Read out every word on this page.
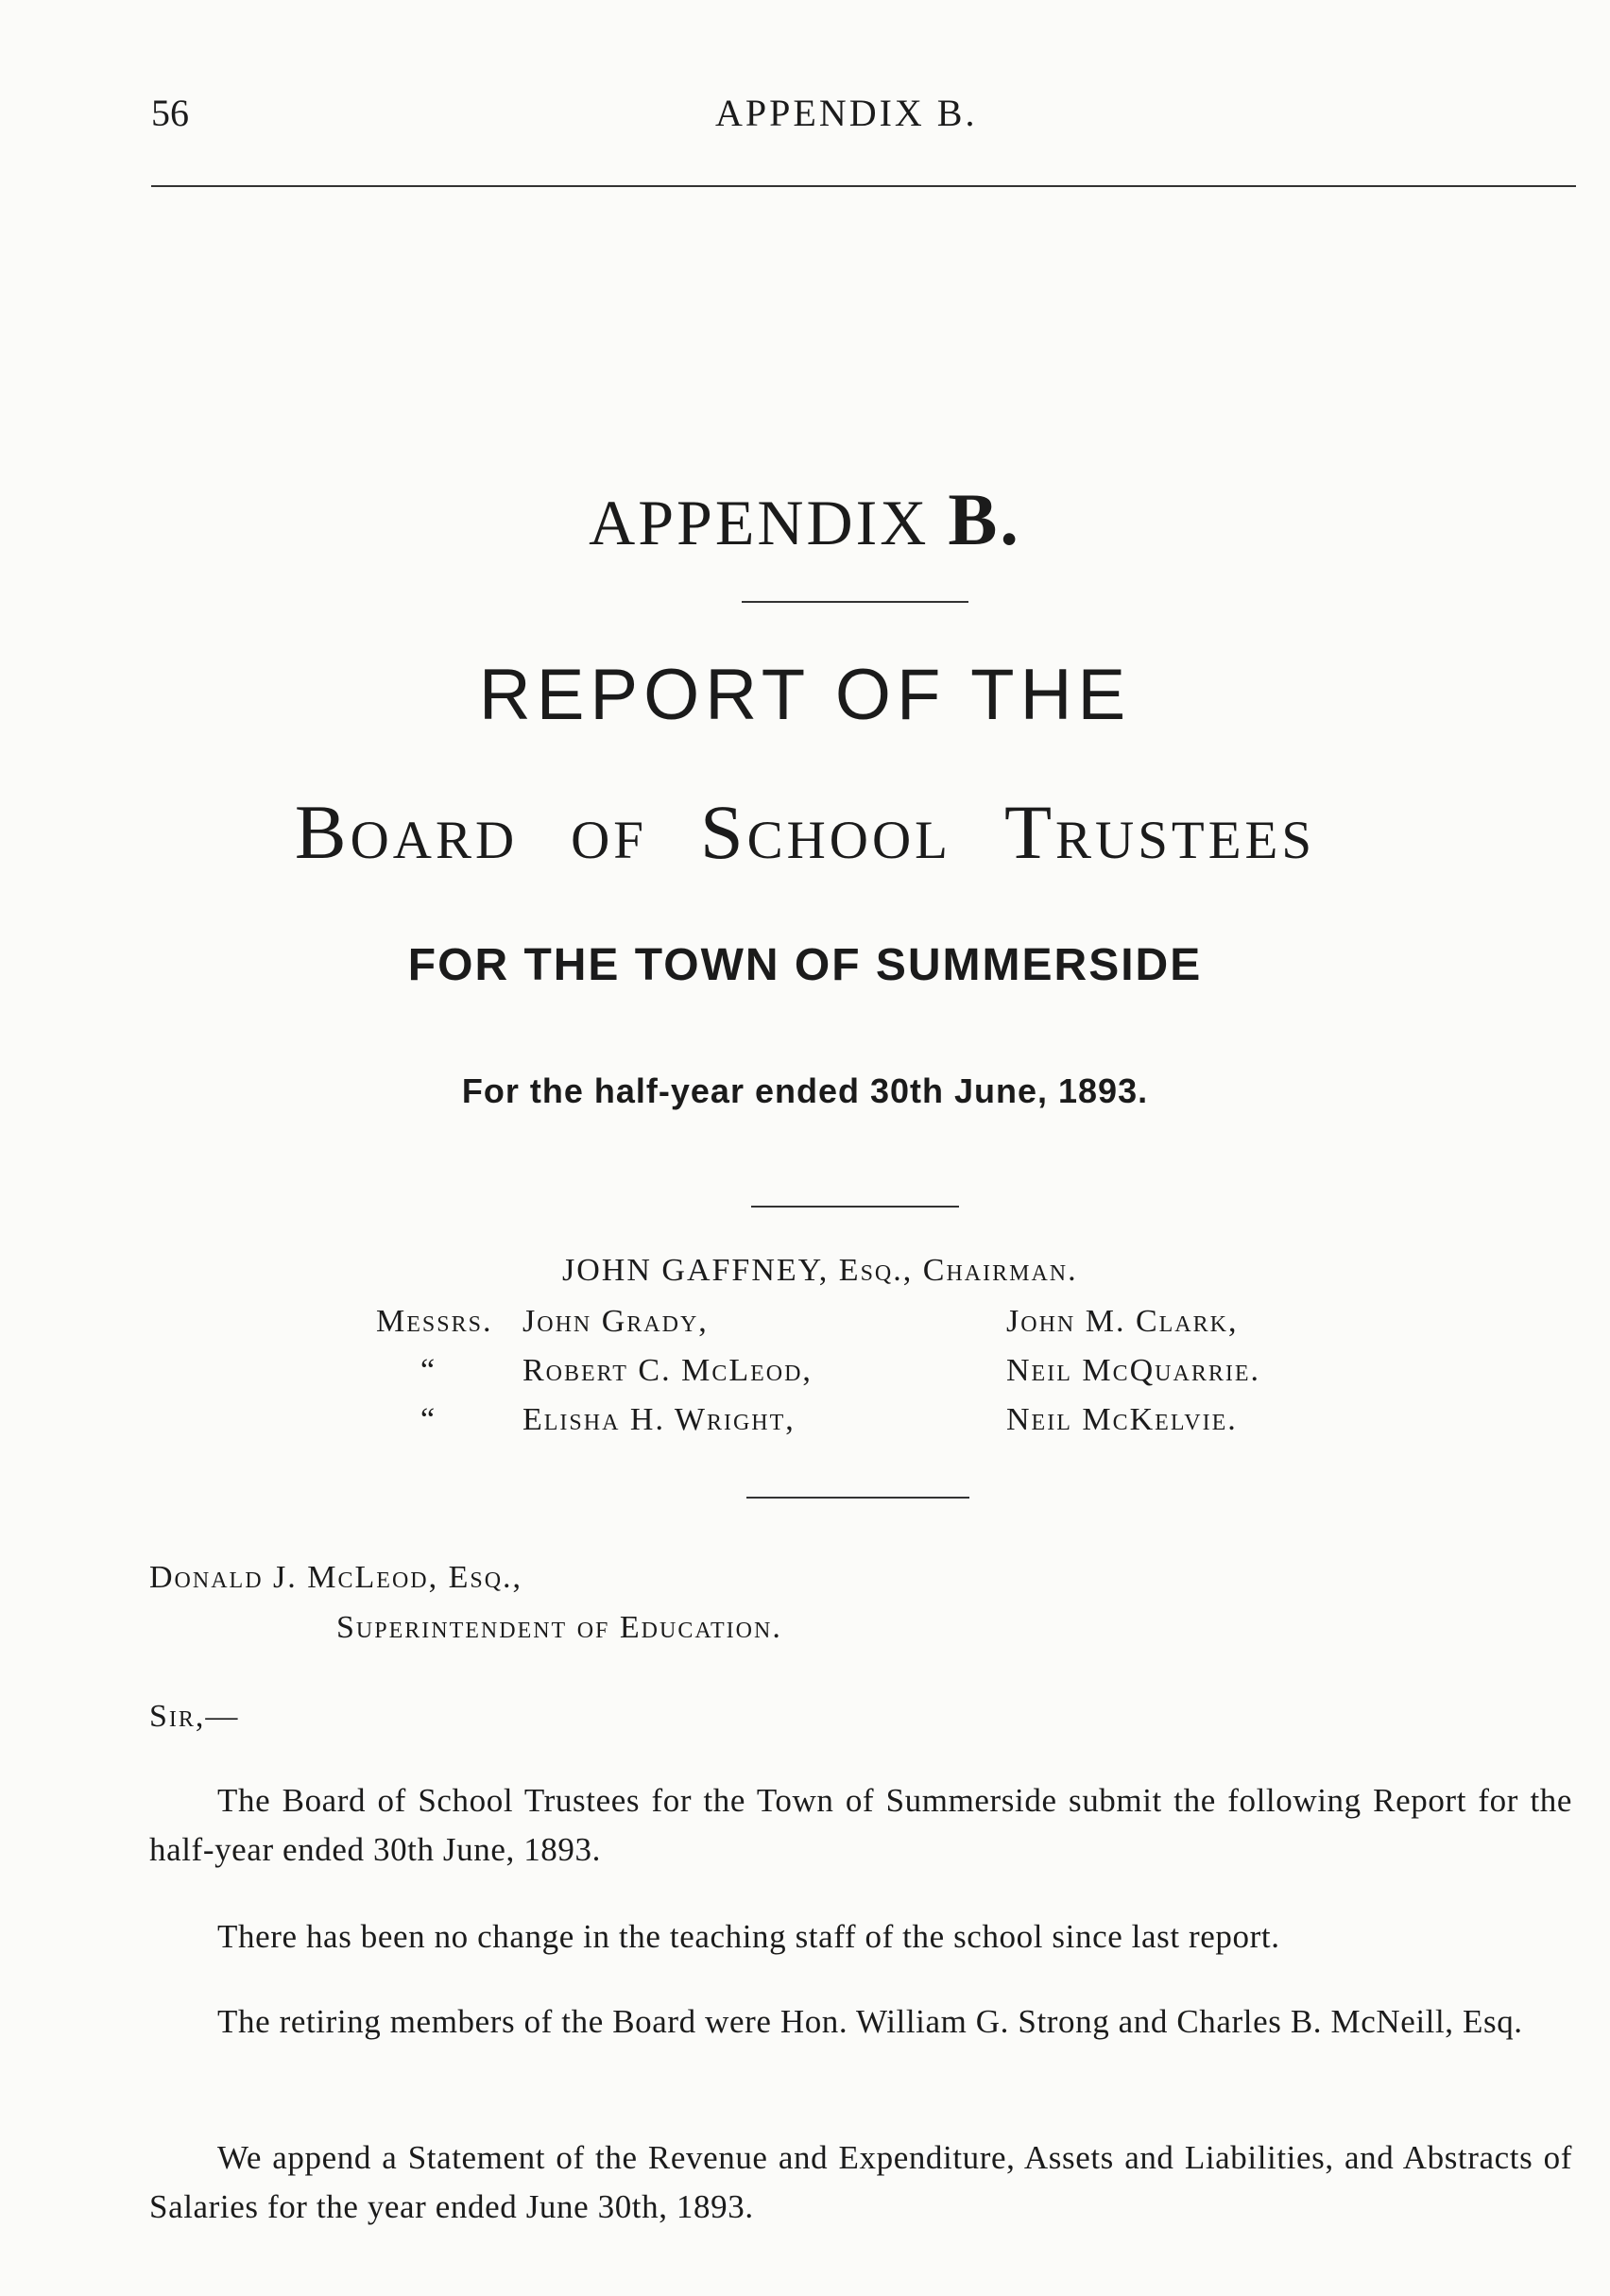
56	APPENDIX B.
APPENDIX B.
REPORT OF THE
Board of School Trustees
FOR THE TOWN OF SUMMERSIDE
For the half-year ended 30th June, 1893.
JOHN GAFFNEY, Esq., Chairman.
Messrs. John Grady,	John M. Clark,
“	Robert C. McLeod,	Neil McQuarrie.
“	Elisha H. Wright,	Neil McKelvie.
Donald J. McLeod, Esq.,
Superintendent of Education.
Sir,—
The Board of School Trustees for the Town of Summerside submit the following Report for the half-year ended 30th June, 1893.
There has been no change in the teaching staff of the school since last report.
The retiring members of the Board were Hon. William G. Strong and Charles B. McNeill, Esq.
We append a Statement of the Revenue and Expenditure, Assets and Liabilities, and Abstracts of Salaries for the year ended June 30th, 1893.
